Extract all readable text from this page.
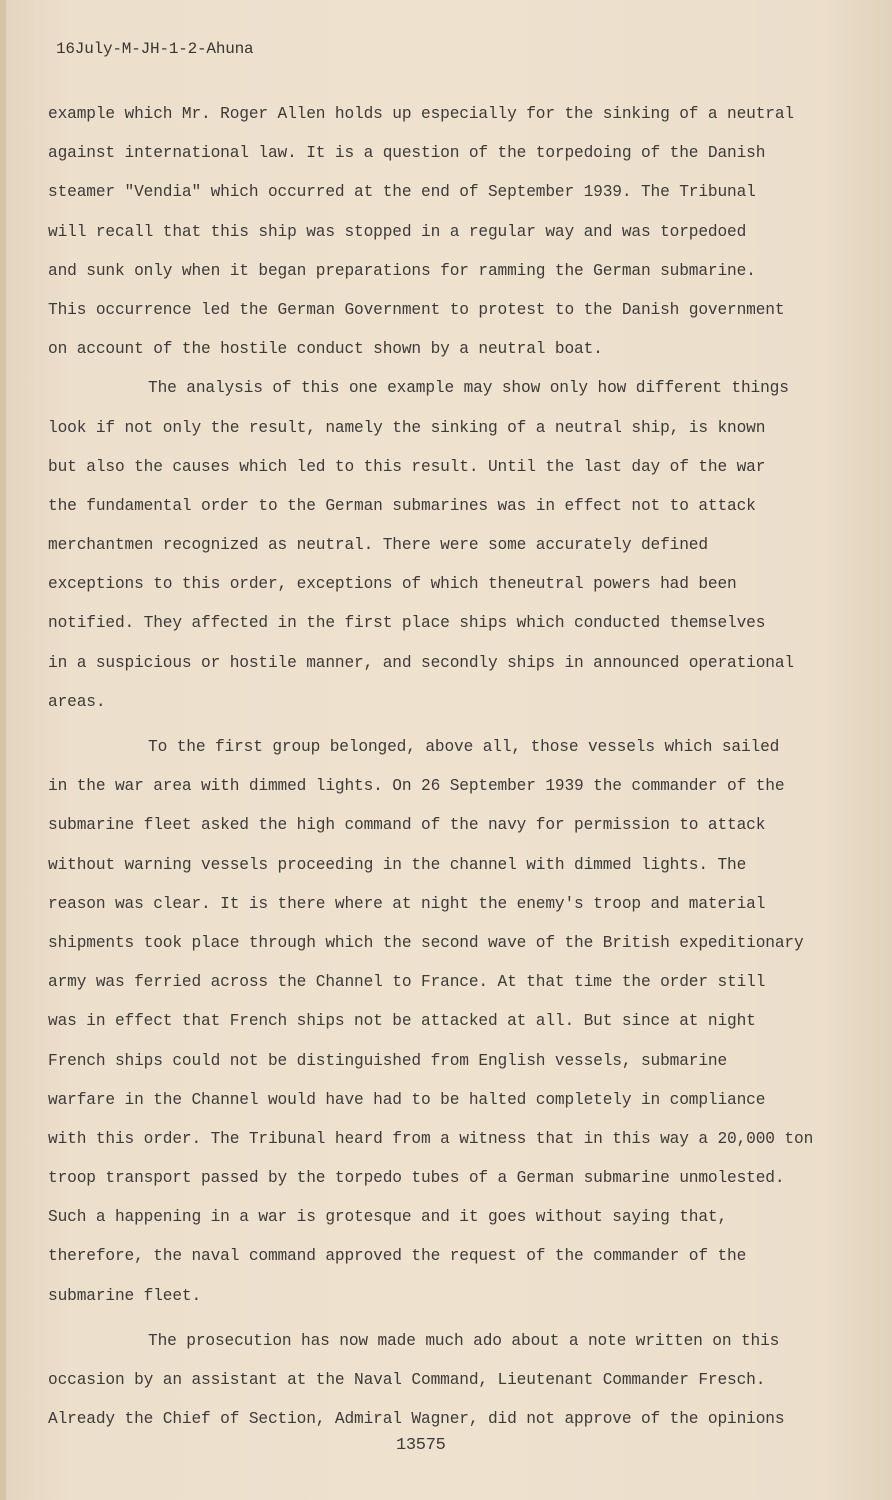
16July-M-JH-1-2-Ahuna
example which Mr. Roger Allen holds up especially for the sinking of a neutral
against international law. It is a question of the torpedoing of the Danish
steamer "Vendia" which occurred at the end of September 1939. The Tribunal
will recall that this ship was stopped in a regular way and was torpedoed
and sunk only when it began preparations for ramming the German submarine.
This occurrence led the German Government to protest to the Danish government
on account of the hostile conduct shown by a neutral boat.
The analysis of this one example may show only how different things
look if not only the result, namely the sinking of a neutral ship, is known
but also the causes which led to this result. Until the last day of the war
the fundamental order to the German submarines was in effect not to attack
merchantmen recognized as neutral. There were some accurately defined
exceptions to this order, exceptions of which theneutral powers had been
notified. They affected in the first place ships which conducted themselves
in a suspicious or hostile manner, and secondly ships in announced operational
areas.
To the first group belonged, above all, those vessels which sailed
in the war area with dimmed lights. On 26 September 1939 the commander of the
submarine fleet asked the high command of the navy for permission to attack
without warning vessels proceeding in the channel with dimmed lights. The
reason was clear. It is there where at night the enemy's troop and material
shipments took place through which the second wave of the British expeditionary
army was ferried across the Channel to France. At that time the order still
was in effect that French ships not be attacked at all. But since at night
French ships could not be distinguished from English vessels, submarine
warfare in the Channel would have had to be halted completely in compliance
with this order. The Tribunal heard from a witness that in this way a 20,000 ton
troop transport passed by the torpedo tubes of a German submarine unmolested.
Such a happening in a war is grotesque and it goes without saying that,
therefore, the naval command approved the request of the commander of the
submarine fleet.
The prosecution has now made much ado about a note written on this
occasion by an assistant at the Naval Command, Lieutenant Commander Fresch.
Already the Chief of Section, Admiral Wagner, did not approve of the opinions
13575
